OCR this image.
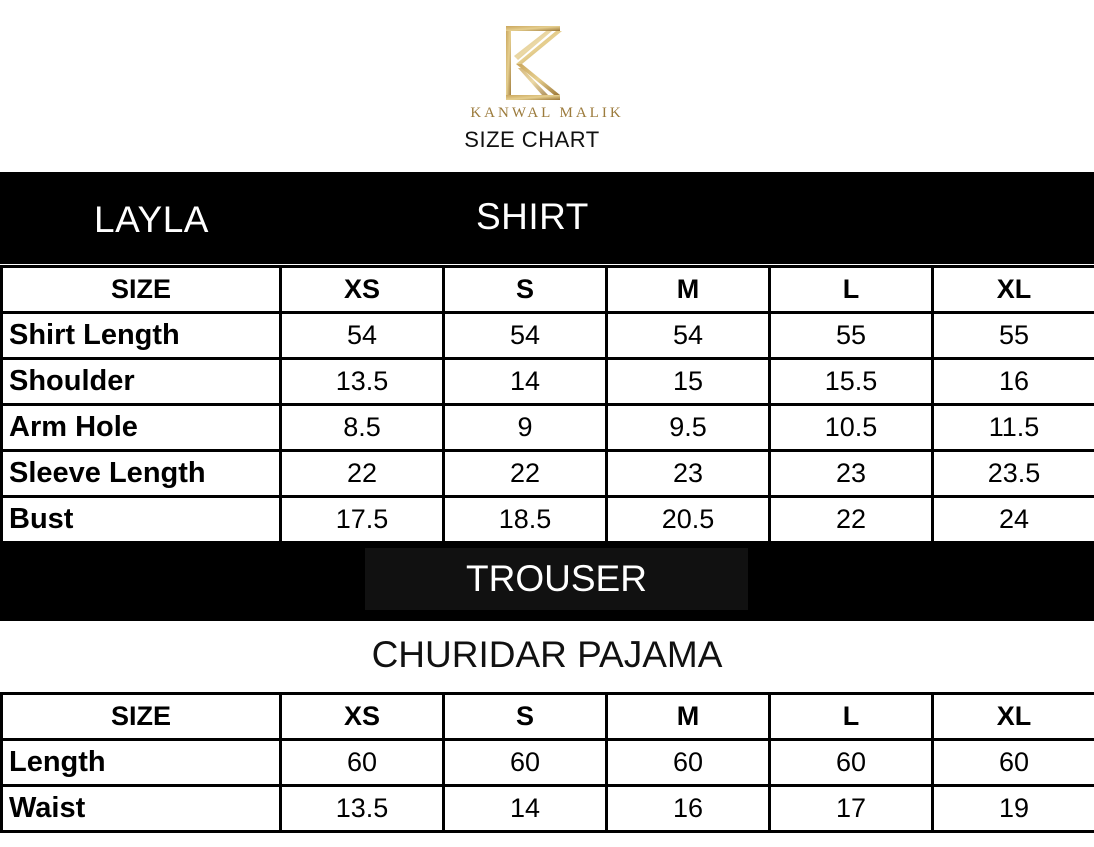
KANWAL MALIK
SIZE CHART
LAYLA	SHIRT
SIZE	XS	S	M	L	XL
Shirt Length	54	54	54	55	55
Shoulder	13.5	14	15	15.5	16
Arm Hole	8.5	9	9.5	10.5	11.5
Sleeve Length	22	22	23	23	23.5
Bust	17.5	18.5	20.5	22	24
TROUSER
CHURIDAR PAJAMA
SIZE	XS	S	M	L	XL
Length	60	60	60	60	60
Waist	13.5	14	16	17	19
